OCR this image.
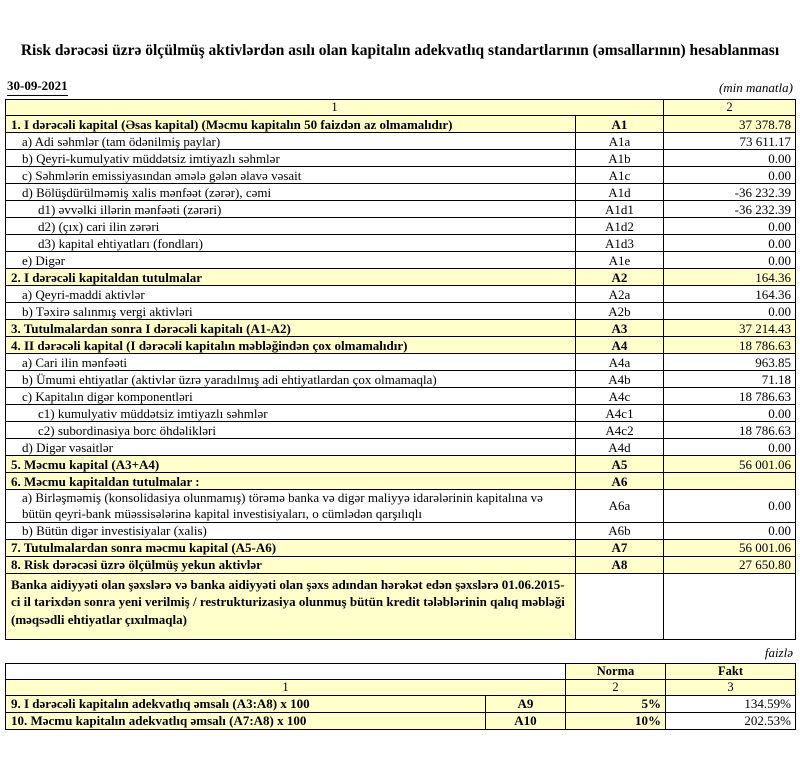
Risk dərəcəsi üzrə ölçülmüş aktivlərdən asılı olan kapitalın adekvatlıq standartlarının (əmsallarının) hesablanması
30-09-2021	(min manatla)
1		2
1. I dərəcəli kapital (Əsas kapital) (Məcmu kapitalın 50 faizdən az olmamalıdır)	A1	37 378.78
a) Adi səhmlər (tam ödənilmiş paylar)	A1a	73 611.17
b) Qeyri-kumulyativ müddətsiz imtiyazlı səhmlər	A1b	0.00
c) Səhmlərin emissiyasından əmələ gələn əlavə vəsait	A1c	0.00
d) Bölüşdürülməmiş xalis mənfəət (zərər), cəmi	A1d	-36 232.39
d1) əvvəlki illərin mənfəəti (zərəri)	A1d1	-36 232.39
d2) (çıx) cari ilin zərəri	A1d2	0.00
d3) kapital ehtiyatları (fondları)	A1d3	0.00
e) Digər	A1e	0.00
2. I dərəcəli kapitaldan tutulmalar	A2	164.36
a) Qeyri-maddi aktivlər	A2a	164.36
b) Təxirə salınmış vergi aktivləri	A2b	0.00
3. Tutulmalardan sonra I dərəcəli kapitalı (A1-A2)	A3	37 214.43
4. II dərəcəli kapital (I dərəcəli kapitalın məbləğindən çox olmamalıdır)	A4	18 786.63
a) Cari ilin mənfəəti	A4a	963.85
b) Ümumi ehtiyatlar (aktivlər üzrə yaradılmış adi ehtiyatlardan çox olmamaqla)	A4b	71.18
c) Kapitalın digər komponentləri	A4c	18 786.63
c1) kumulyativ müddətsiz imtiyazlı səhmlər	A4c1	0.00
c2) subordinasiya borc öhdəlikləri	A4c2	18 786.63
d) Digər vəsaitlər	A4d	0.00
5. Məcmu kapital (A3+A4)	A5	56 001.06
6. Məcmu kapitaldan tutulmalar :	A6	
a) Birləşməmiş (konsolidasiya olunmamış) törəmə banka və digər maliyyə idarələrinin kapitalına və bütün qeyri-bank müəssisələrinə kapital investisiyaları, o cümlədən qarşılıqlı	A6a	0.00
b) Bütün digər investisiyalar (xalis)	A6b	0.00
7. Tutulmalardan sonra məcmu kapital (A5-A6)	A7	56 001.06
8. Risk dərəcəsi üzrə ölçülmüş yekun aktivlər	A8	27 650.80
Banka aidiyyəti olan şəxslərə və banka aidiyyəti olan şəxs adından hərəkət edən şəxslərə 01.06.2015-ci il tarixdən sonra yeni verilmiş / restrukturizasiya olunmuş bütün kredit tələblərinin qalıq məbləği (məqsədli ehtiyatlar çıxılmaqla)		
faizlə
		Norma	Fakt
1		2	3
9. I dərəcəli kapitalın adekvatlıq əmsalı (A3:A8) x 100	A9	5%	134.59%
10. Məcmu kapitalın adekvatlıq əmsalı (A7:A8) x 100	A10	10%	202.53%
